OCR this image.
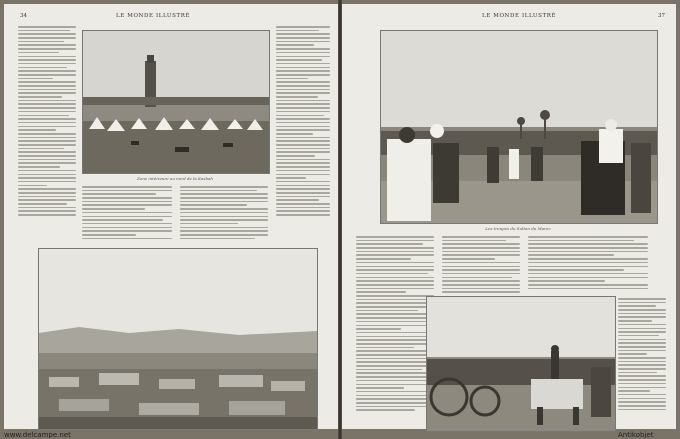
34	LE MONDE ILLUSTRÉ
Zone intérieure au nord de la Kasbah
LE MONDE ILLUSTRÉ	37
Les troupes du Sultan du Maroc
www.delcampe.net	Antikobjet
